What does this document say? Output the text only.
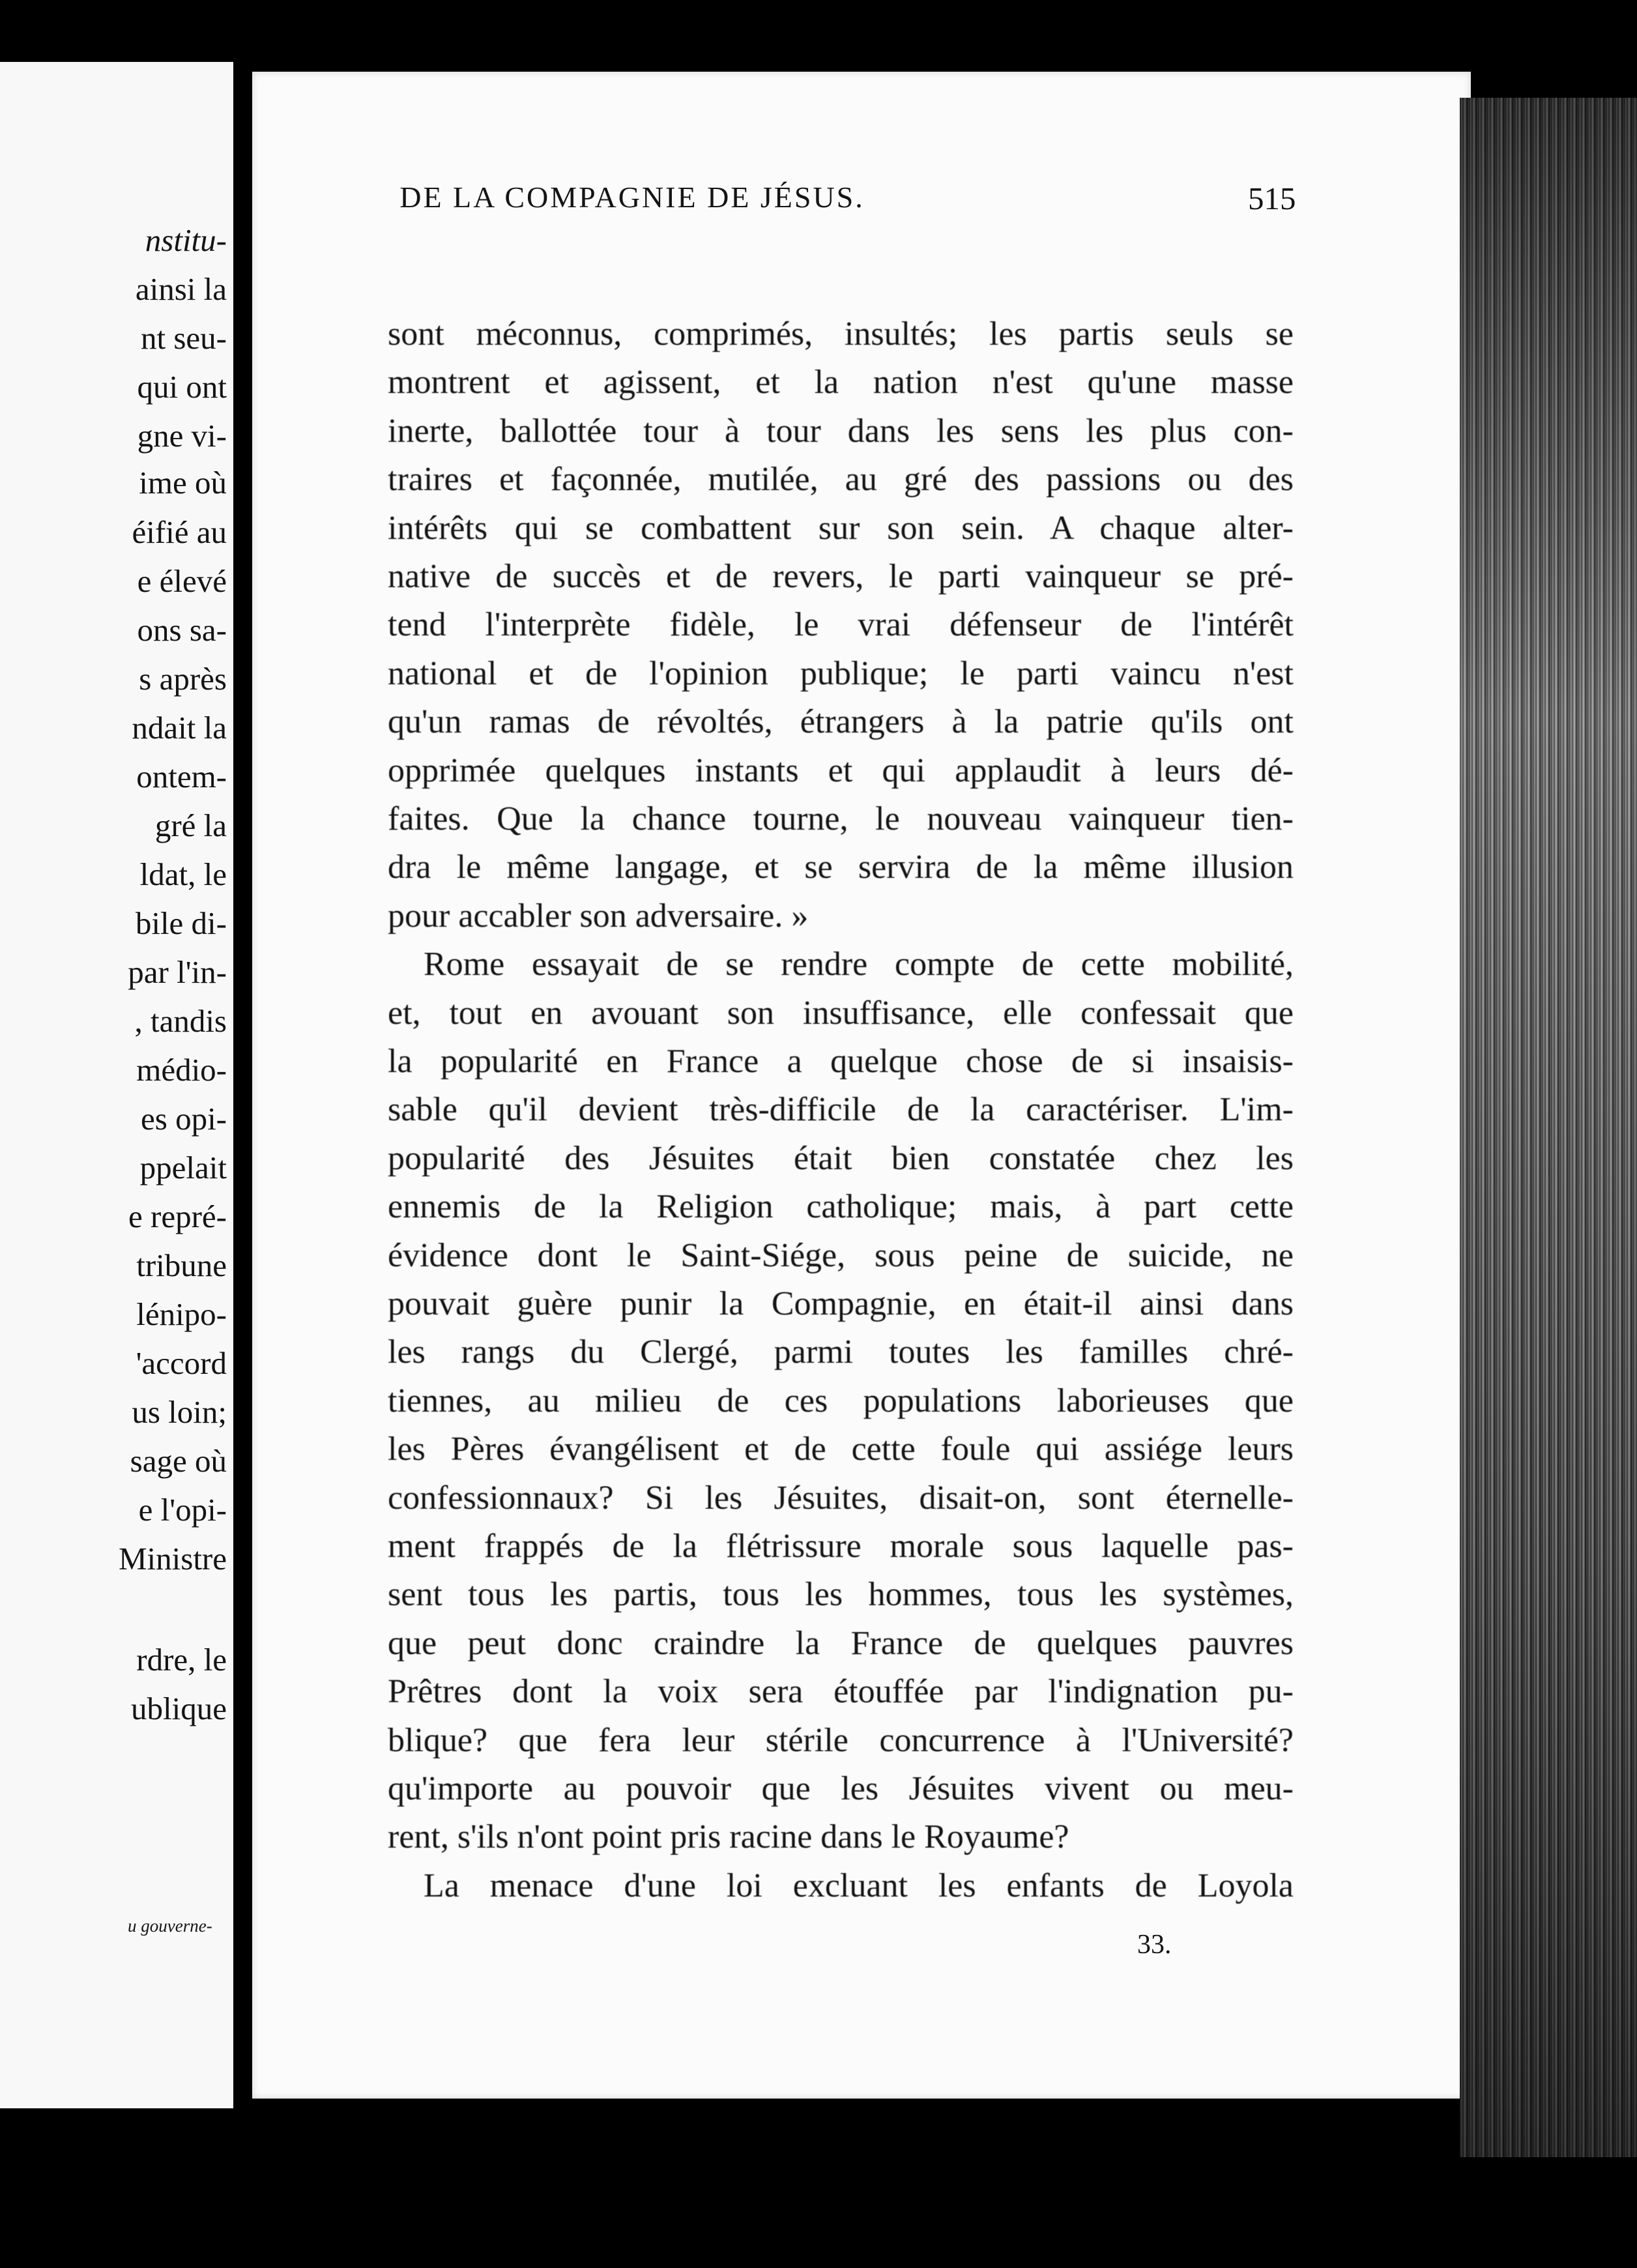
nstitu-
ainsi la
nt seu-
qui ont
gne vi-
ime où
éifié au
e élevé
ons sa-
s après
ndait la
ontem-
gré la
ldat, le
bile di-
par l'in-
, tandis
médio-
es opi-
ppelait
e repré-
tribune
lénipo-
'accord
us loin;
sage où
e l'opi-
Ministre
rdre, le
ublique
u gouverne-
DE LA COMPAGNIE DE JÉSUS.	515
sont méconnus, comprimés, insultés; les partis seuls se
montrent et agissent, et la nation n'est qu'une masse
inerte, ballottée tour à tour dans les sens les plus con-
traires et façonnée, mutilée, au gré des passions ou des
intérêts qui se combattent sur son sein. A chaque alter-
native de succès et de revers, le parti vainqueur se pré-
tend l'interprète fidèle, le vrai défenseur de l'intérêt
national et de l'opinion publique; le parti vaincu n'est
qu'un ramas de révoltés, étrangers à la patrie qu'ils ont
opprimée quelques instants et qui applaudit à leurs dé-
faites. Que la chance tourne, le nouveau vainqueur tien-
dra le même langage, et se servira de la même illusion
pour accabler son adversaire. »
Rome essayait de se rendre compte de cette mobilité,
et, tout en avouant son insuffisance, elle confessait que
la popularité en France a quelque chose de si insaisis-
sable qu'il devient très-difficile de la caractériser. L'im-
popularité des Jésuites était bien constatée chez les
ennemis de la Religion catholique; mais, à part cette
évidence dont le Saint-Siége, sous peine de suicide, ne
pouvait guère punir la Compagnie, en était-il ainsi dans
les rangs du Clergé, parmi toutes les familles chré-
tiennes, au milieu de ces populations laborieuses que
les Pères évangélisent et de cette foule qui assiége leurs
confessionnaux? Si les Jésuites, disait-on, sont éternelle-
ment frappés de la flétrissure morale sous laquelle pas-
sent tous les partis, tous les hommes, tous les systèmes,
que peut donc craindre la France de quelques pauvres
Prêtres dont la voix sera étouffée par l'indignation pu-
blique? que fera leur stérile concurrence à l'Université?
qu'importe au pouvoir que les Jésuites vivent ou meu-
rent, s'ils n'ont point pris racine dans le Royaume?
La menace d'une loi excluant les enfants de Loyola
33.
